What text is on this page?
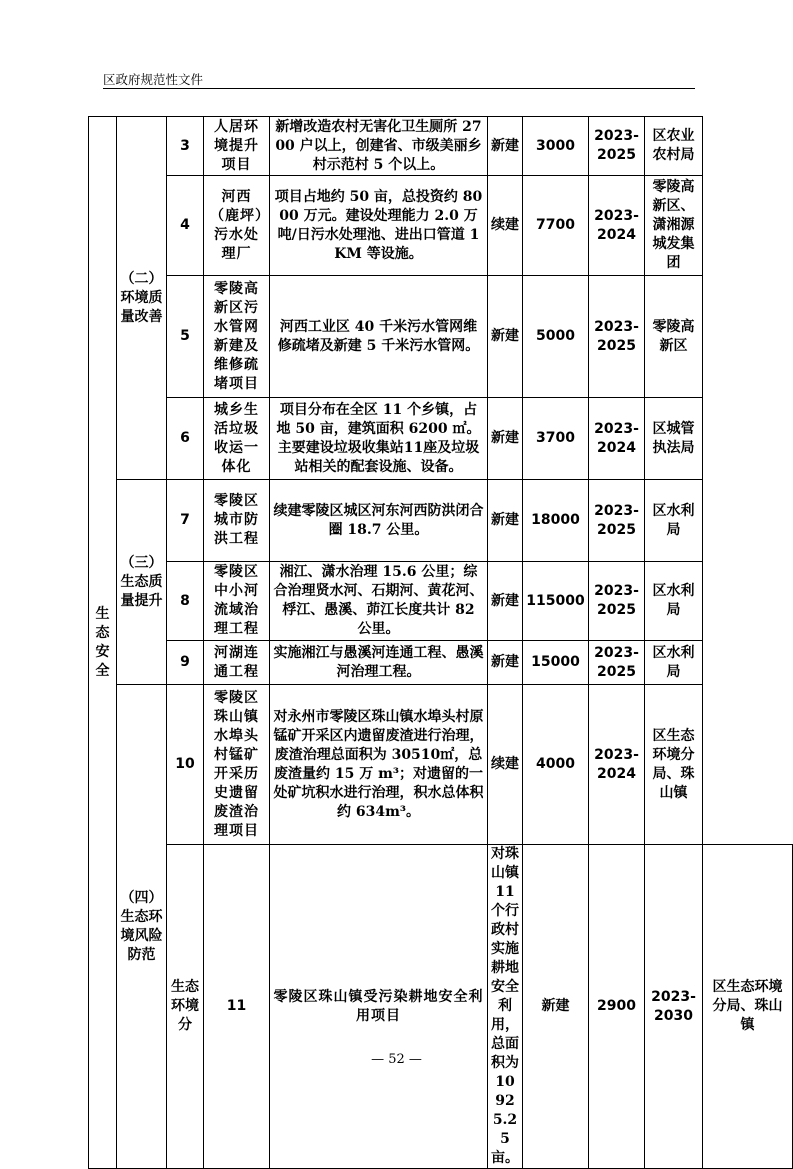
区政府规范性文件
生态安全	（二）环境质量改善	3	人居环境提升项目	新增改造农村无害化卫生厕所 2700 户以上，创建省、市级美丽乡村示范村 5 个以上。	新建	3000	2023-2025	区农业农村局	
		4	河西（鹿坪）污水处理厂	项目占地约 50 亩，总投资约 8000 万元。建设处理能力 2.0 万吨/日污水处理池、进出口管道 1KM 等设施。	续建	7700	2023-2024	零陵高新区、潇湘源城发集团	
		5	零陵高新区污水管网新建及维修疏堵项目	河西工业区 40 千米污水管网维修疏堵及新建 5 千米污水管网。	新建	5000	2023-2025	零陵高新区	
		6	城乡生活垃圾收运一体化	项目分布在全区 11 个乡镇，占地 50 亩，建筑面积 6200 ㎡。主要建设垃圾收集站11座及垃圾站相关的配套设施、设备。	新建	3700	2023-2024	区城管执法局	
	（三）生态质量提升	7	零陵区城市防洪工程	续建零陵区城区河东河西防洪闭合圈 18.7 公里。	新建	18000	2023-2025	区水利局	
		8	零陵区中小河流域治理工程	湘江、潇水治理 15.6 公里；综合治理贤水河、石期河、黄花河、桴江、愚溪、茆江长度共计 82 公里。	新建	115000	2023-2025	区水利局	
		9	河湖连通工程	实施湘江与愚溪河连通工程、愚溪河治理工程。	新建	15000	2023-2025	区水利局	
	（四）生态环境风险防范	10	零陵区珠山镇水埠头村锰矿开采历史遗留废渣治理项目	对永州市零陵区珠山镇水埠头村原锰矿开采区内遗留废渣进行治理，废渣治理总面积为 30510㎡，总废渣量约 15 万 m³；对遗留的一处矿坑积水进行治理，积水总体积约 634m³。	续建	4000	2023-2024	区生态环境分局、珠山镇	
		生态环境分	11	零陵区珠山镇受污染耕地安全利用项目	对珠山镇 11 个行政村实施耕地安全利用，总面积为 10925.25 亩。	新建	2900	2023-2030	区生态环境分局、珠山镇
— 52 —
